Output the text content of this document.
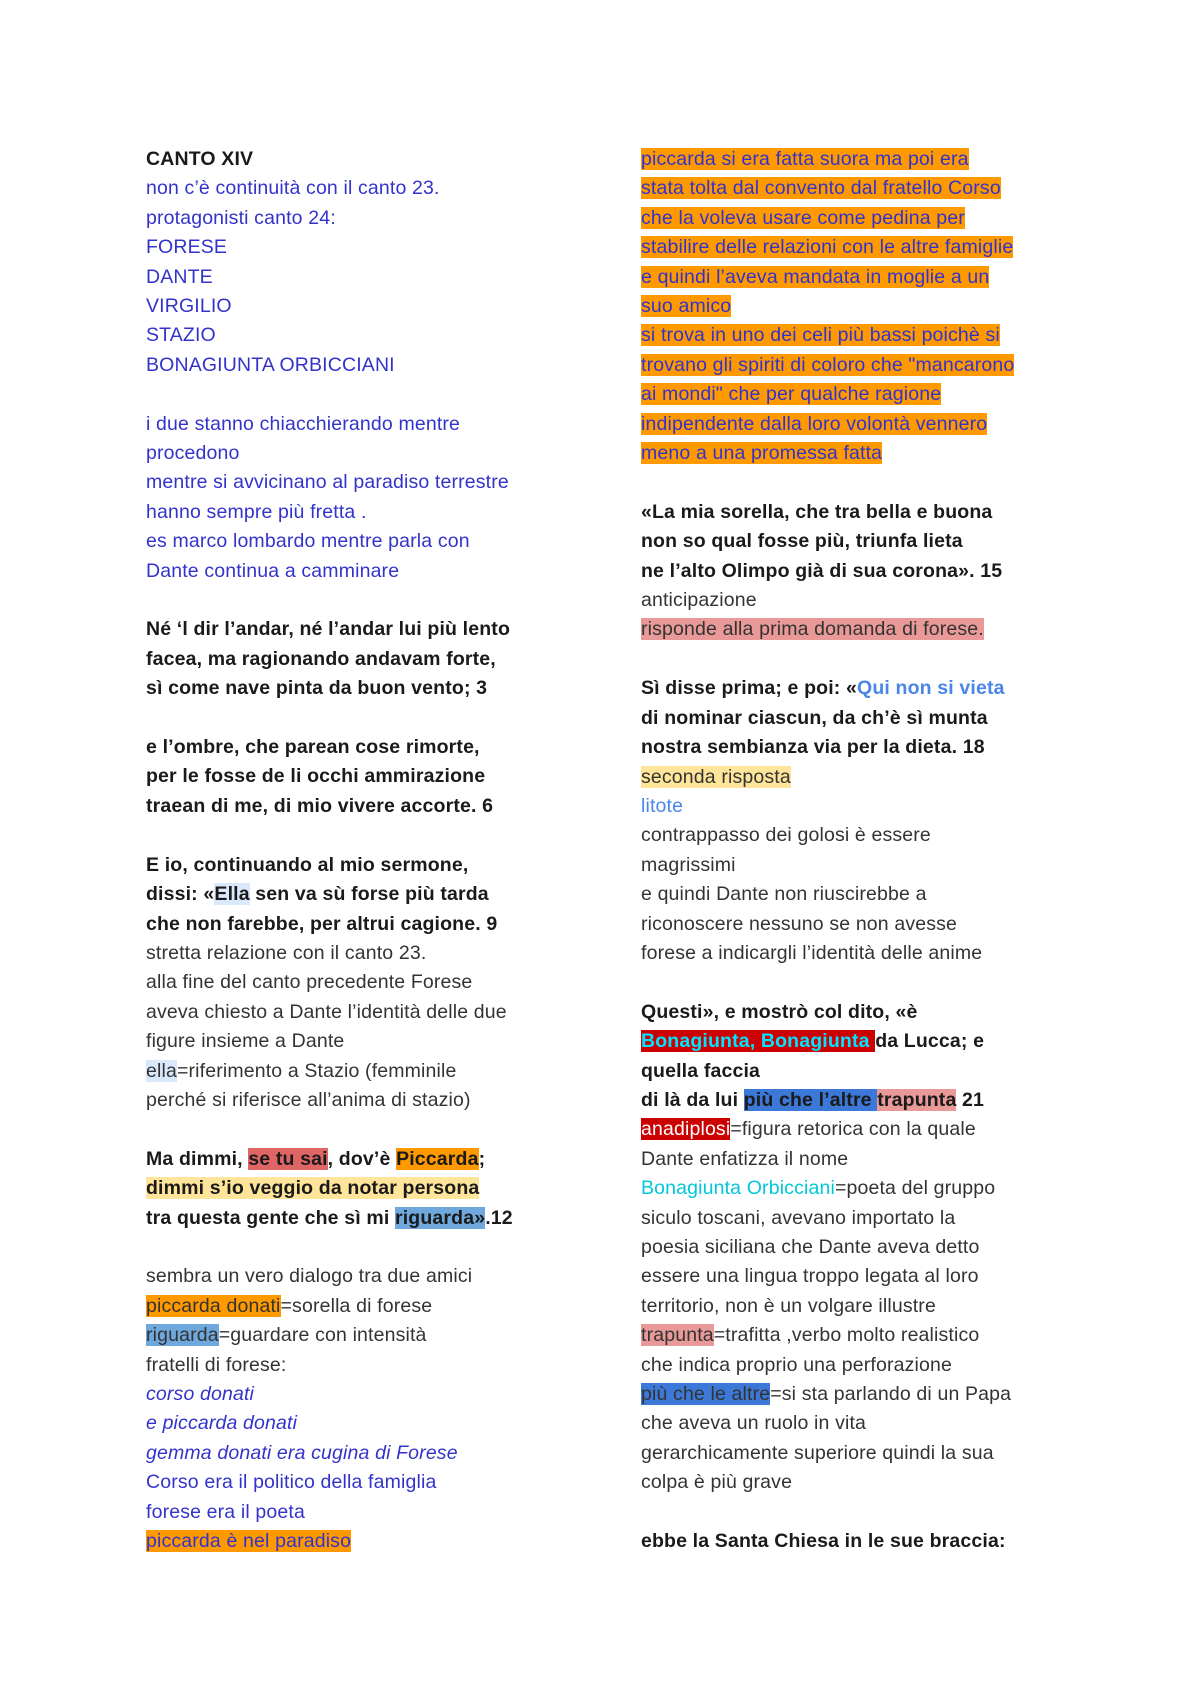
CANTO XIV
non c’è continuità con il canto 23.
protagonisti canto 24:
FORESE
DANTE
VIRGILIO
STAZIO
BONAGIUNTA ORBICCIANI
i due stanno chiacchierando mentre
procedono
mentre si avvicinano al paradiso terrestre
hanno sempre più fretta .
es marco lombardo mentre parla con
Dante continua a camminare
Né ‘l dir l’andar, né l’andar lui più lento
facea, ma ragionando andavam forte,
sì come nave pinta da buon vento; 3
e l’ombre, che parean cose rimorte,
per le fosse de li occhi ammirazione
traean di me, di mio vivere accorte. 6
E io, continuando al mio sermone,
dissi: «Ella sen va sù forse più tarda
che non farebbe, per altrui cagione. 9
stretta relazione con il canto 23.
alla fine del canto precedente Forese
aveva chiesto a Dante l’identità delle due
figure insieme a Dante
ella=riferimento a Stazio (femminile
perché si riferisce all’anima di stazio)
Ma dimmi, se tu sai, dov’è Piccarda;
dimmi s’io veggio da notar persona
tra questa gente che sì mi riguarda».12
sembra un vero dialogo tra due amici
piccarda donati=sorella di forese
riguarda=guardare con intensità
fratelli di forese:
corso donati
e piccarda donati
gemma donati era cugina di Forese
Corso era il politico della famiglia
forese era il poeta
piccarda è nel paradiso
piccarda si era fatta suora ma poi era
stata tolta dal convento dal fratello Corso
che la voleva usare come pedina per
stabilire delle relazioni con le altre famiglie
e quindi l’aveva mandata in moglie a un
suo amico
si trova in uno dei celi più bassi poichè si
trovano gli spiriti di coloro che "mancarono
ai mondi" che per qualche ragione
indipendente dalla loro volontà vennero
meno a una promessa fatta
«La mia sorella, che tra bella e buona
non so qual fosse più, triunfa lieta
ne l’alto Olimpo già di sua corona». 15
anticipazione
risponde alla prima domanda di forese.
Sì disse prima; e poi: «Qui non si vieta
di nominar ciascun, da ch’è sì munta
nostra sembianza via per la dieta. 18
seconda risposta
litote
contrappasso dei golosi è essere
magrissimi
e quindi Dante non riuscirebbe a
riconoscere nessuno se non avesse
forese a indicargli l’identità delle anime
Questi», e mostrò col dito, «è
Bonagiunta, Bonagiunta da Lucca; e
quella faccia
di là da lui più che l’altre trapunta 21
anadiplosi=figura retorica con la quale
Dante enfatizza il nome
Bonagiunta Orbicciani=poeta del gruppo
siculo toscani, avevano importato la
poesia siciliana che Dante aveva detto
essere una lingua troppo legata al loro
territorio, non è un volgare illustre
trapunta=trafitta ,verbo molto realistico
che indica proprio una perforazione
più che le altre=si sta parlando di un Papa
che aveva un ruolo in vita
gerarchicamente superiore quindi la sua
colpa è più grave
ebbe la Santa Chiesa in le sue braccia:
